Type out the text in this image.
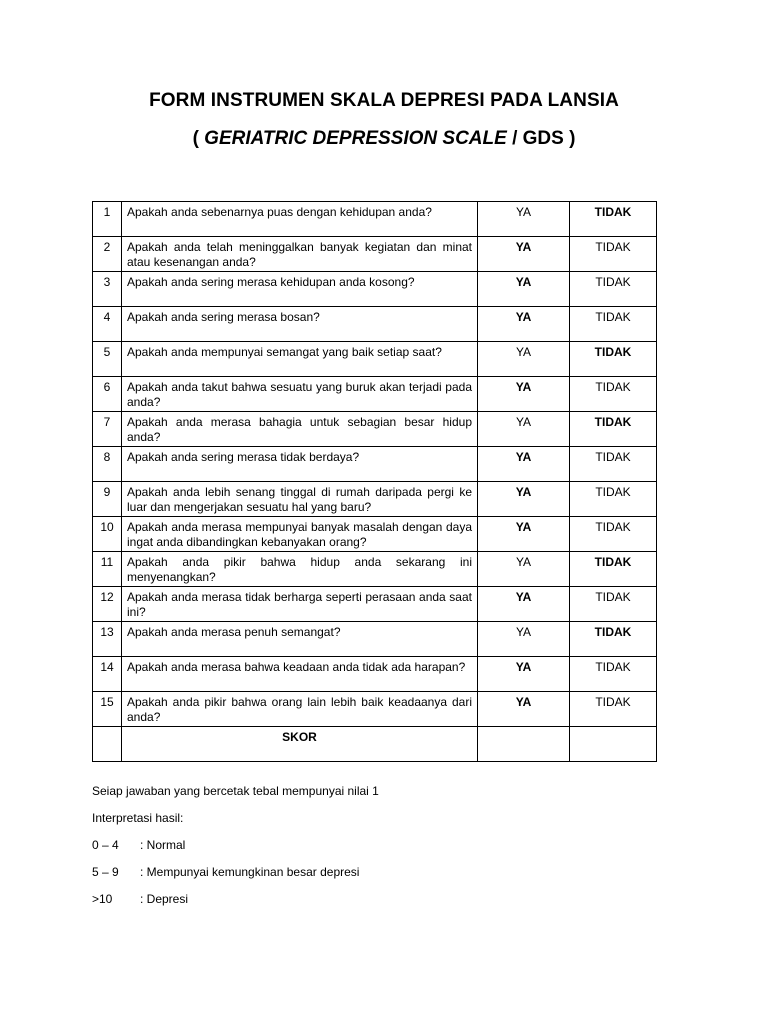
FORM INSTRUMEN SKALA DEPRESI PADA LANSIA
( GERIATRIC DEPRESSION SCALE / GDS )
1	Apakah anda sebenarnya puas dengan kehidupan anda?	YA	TIDAK
2	Apakah anda telah meninggalkan banyak kegiatan dan minat atau kesenangan anda?	YA	TIDAK
3	Apakah anda sering merasa kehidupan anda kosong?	YA	TIDAK
4	Apakah anda sering merasa bosan?	YA	TIDAK
5	Apakah anda mempunyai semangat yang baik setiap saat?	YA	TIDAK
6	Apakah anda takut bahwa sesuatu yang buruk akan terjadi pada anda?	YA	TIDAK
7	Apakah anda merasa bahagia untuk sebagian besar hidup anda?	YA	TIDAK
8	Apakah anda sering merasa tidak berdaya?	YA	TIDAK
9	Apakah anda lebih senang tinggal di rumah daripada pergi ke luar dan mengerjakan sesuatu hal yang baru?	YA	TIDAK
10	Apakah anda merasa mempunyai banyak masalah dengan daya ingat anda dibandingkan kebanyakan orang?	YA	TIDAK
11	Apakah anda pikir bahwa hidup anda sekarang ini menyenangkan?	YA	TIDAK
12	Apakah anda merasa tidak berharga seperti perasaan anda saat ini?	YA	TIDAK
13	Apakah anda merasa penuh semangat?	YA	TIDAK
14	Apakah anda merasa bahwa keadaan anda tidak ada harapan?	YA	TIDAK
15	Apakah anda pikir bahwa orang lain lebih baik keadaanya dari anda?	YA	TIDAK
	SKOR		
Seiap jawaban yang bercetak tebal mempunyai nilai 1
Interpretasi hasil:
0 – 4 : Normal
5 – 9 : Mempunyai kemungkinan besar depresi
>10 : Depresi
